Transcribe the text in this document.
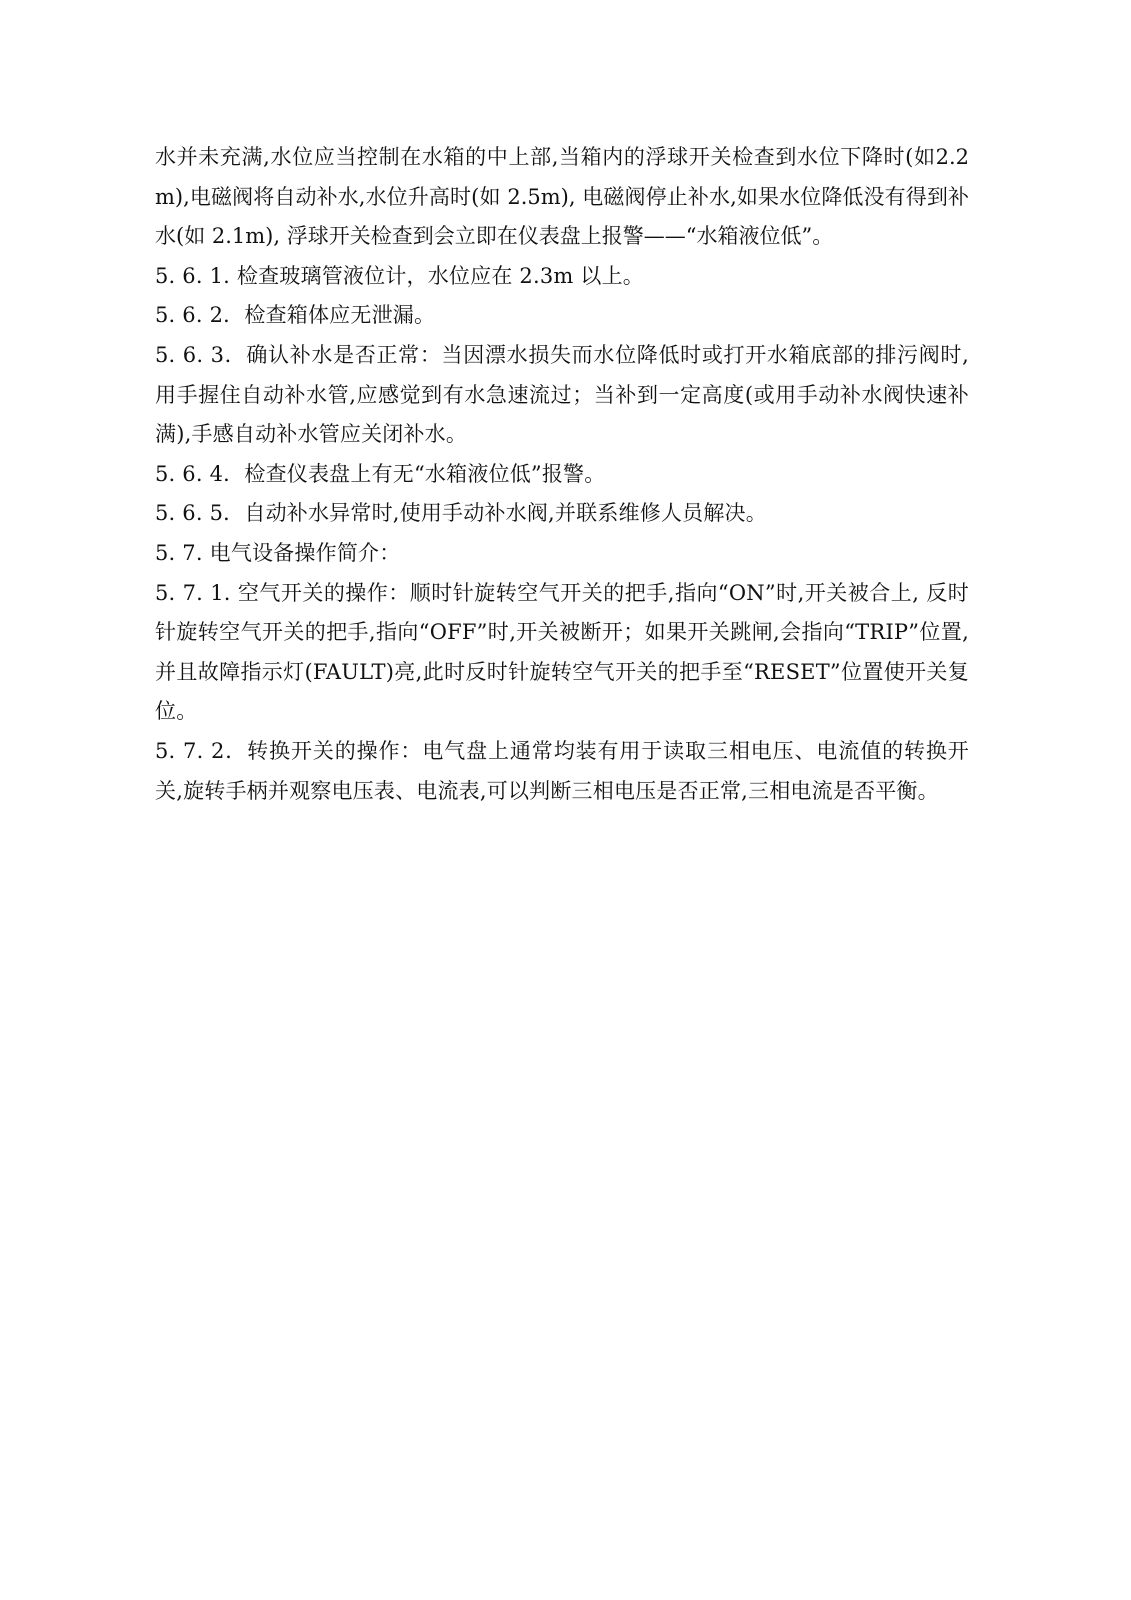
水并未充满,水位应当控制在水箱的中上部,当箱内的浮球开关检查到水位下降时(如2.2m),电磁阀将自动补水,水位升高时(如 2.5m), 电磁阀停止补水,如果水位降低没有得到补水(如 2.1m), 浮球开关检查到会立即在仪表盘上报警——“水箱液位低”。

5. 6. 1. 检查玻璃管液位计，水位应在 2.3m 以上。

5. 6. 2．检查箱体应无泄漏。

5. 6. 3．确认补水是否正常：当因漂水损失而水位降低时或打开水箱底部的排污阀时,用手握住自动补水管,应感觉到有水急速流过；当补到一定高度(或用手动补水阀快速补满),手感自动补水管应关闭补水。

5. 6. 4．检查仪表盘上有无“水箱液位低”报警。

5. 6. 5．自动补水异常时,使用手动补水阀,并联系维修人员解决。

5. 7. 电气设备操作简介：

5. 7. 1. 空气开关的操作：顺时针旋转空气开关的把手,指向“ON”时,开关被合上, 反时针旋转空气开关的把手,指向“OFF”时,开关被断开；如果开关跳闸,会指向“TRIP”位置,并且故障指示灯(FAULT)亮,此时反时针旋转空气开关的把手至“RESET”位置使开关复位。

5. 7. 2．转换开关的操作：电气盘上通常均装有用于读取三相电压、电流值的转换开关,旋转手柄并观察电压表、电流表,可以判断三相电压是否正常,三相电流是否平衡。
